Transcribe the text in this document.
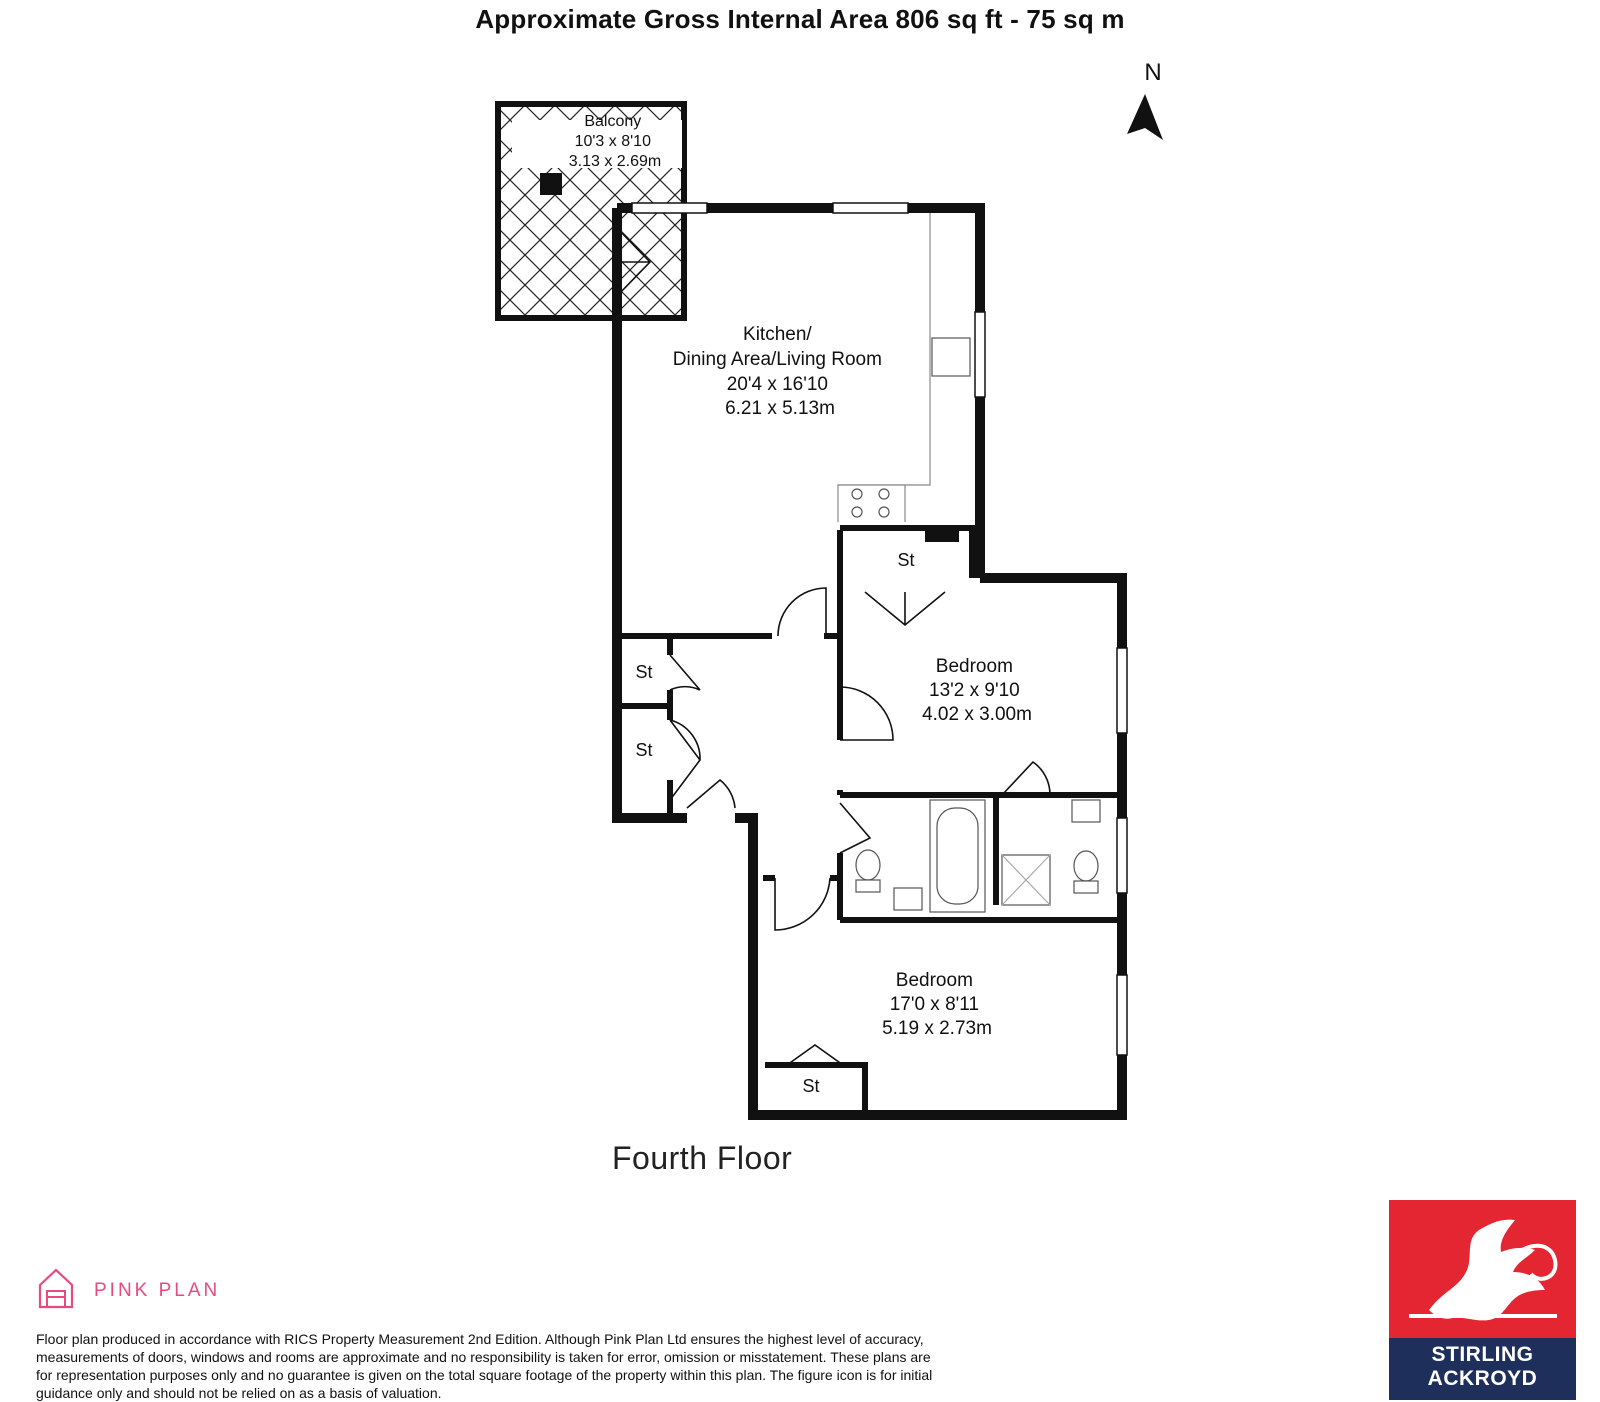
Approximate Gross Internal Area 806 sq ft - 75 sq m
N
Balcony 10'3 x 8'10 3.13 x 2.69m
Kitchen/ Dining Area/Living Room 20'4 x 16'10 6.21 x 5.13m
Bedroom 13'2 x 9'10 4.02 x 3.00m
Bedroom 17'0 x 8'11 5.19 x 2.73m
St
St
St
St
Fourth Floor
PINK PLAN
Floor plan produced in accordance with RICS Property Measurement 2nd Edition. Although Pink Plan Ltd ensures the highest level of accuracy, measurements of doors, windows and rooms are approximate and no responsibility is taken for error, omission or misstatement. These plans are for representation purposes only and no guarantee is given on the total square footage of the property within this plan. The figure icon is for initial guidance only and should not be relied on as a basis of valuation.
STIRLING
ACKROYD
